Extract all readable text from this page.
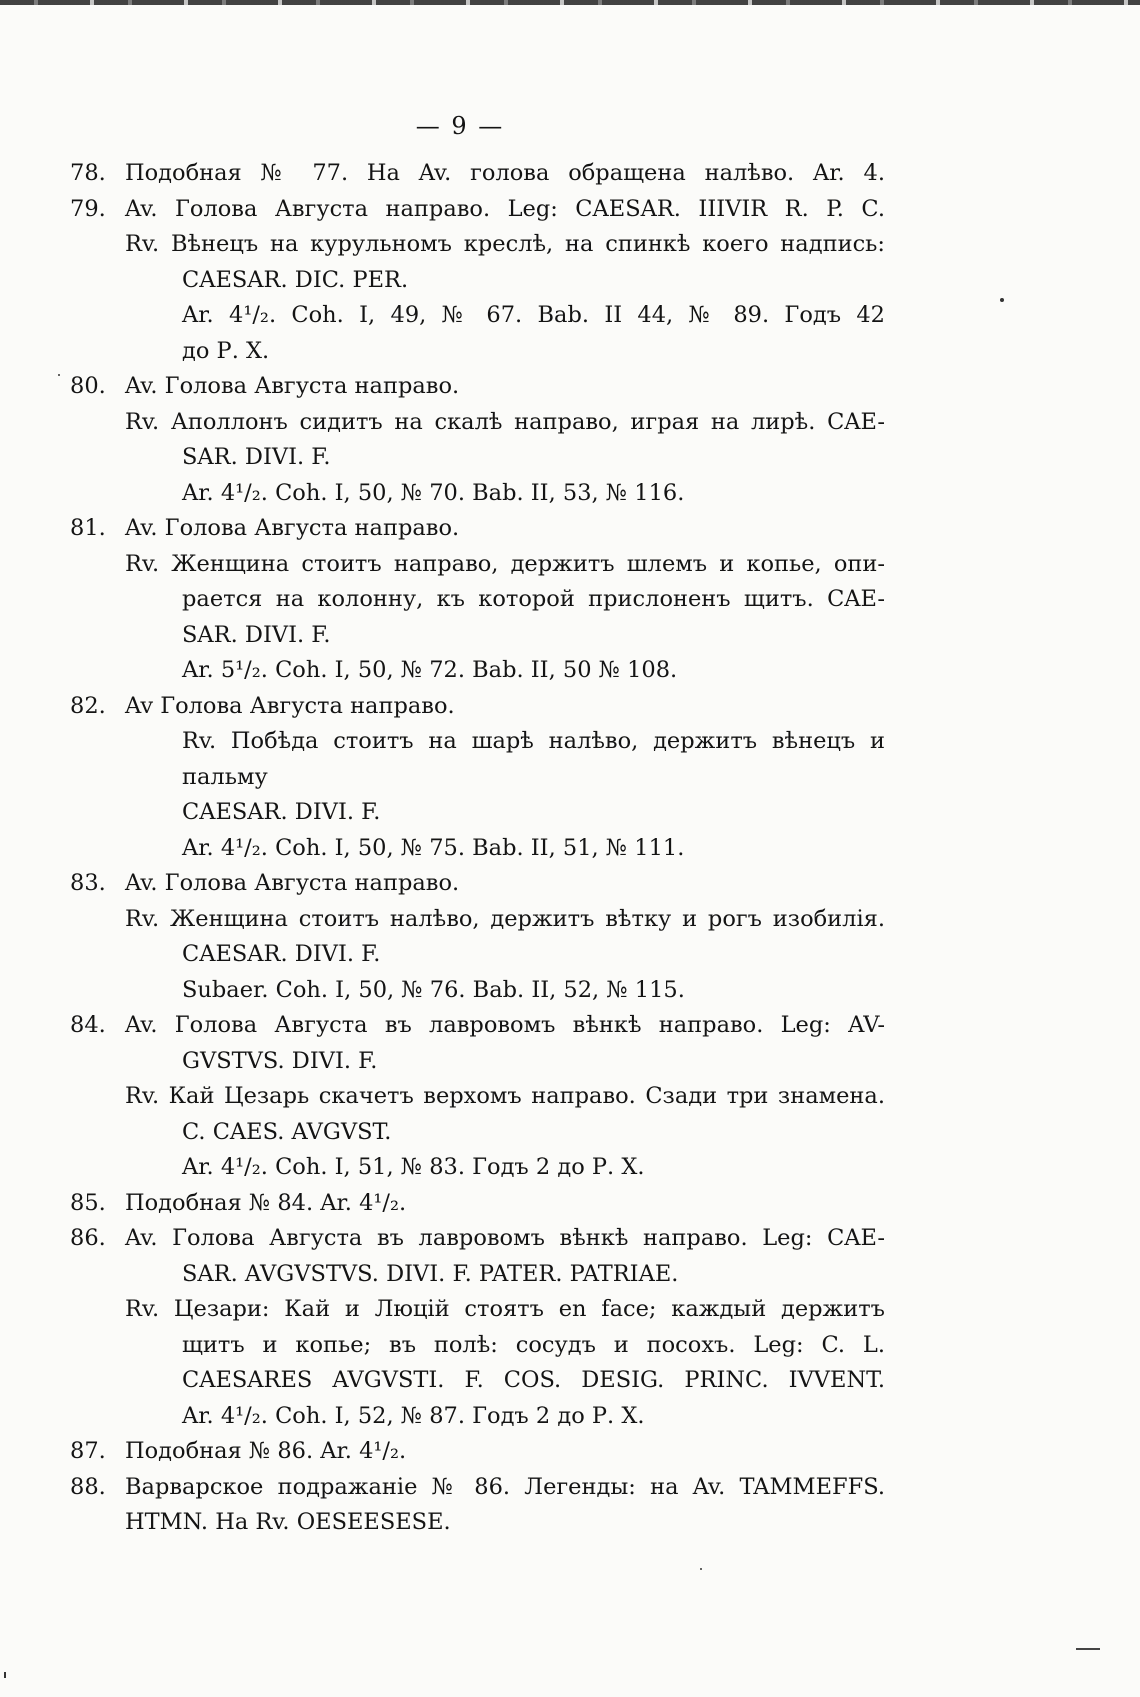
— 9 —
78. Подобная № 77. На Av. голова обращена налѣво. Ar. 4.
79. Av. Голова Августа направо. Leg: CAESAR. IIIVIR R. P. C.
Rv. Вѣнецъ на курульномъ креслѣ, на спинкѣ коего надпись:
CAESAR. DIC. PER.
Ar. 4¹/₂. Coh. I, 49, № 67. Bab. II 44, № 89. Годъ 42
до Р. Х.
80. Av. Голова Августа направо.
Rv. Аполлонъ сидитъ на скалѣ направо, играя на лирѣ. CAE-
SAR. DIVI. F.
Ar. 4¹/₂. Coh. I, 50, № 70. Bab. II, 53, № 116.
81. Av. Голова Августа направо.
Rv. Женщина стоитъ направо, держитъ шлемъ и копье, опи-
рается на колонну, къ которой прислоненъ щитъ. CAE-
SAR. DIVI. F.
Ar. 5¹/₂. Coh. I, 50, № 72. Bab. II, 50 № 108.
82. Av Голова Августа направо.
Rv. Побѣда стоитъ на шарѣ налѣво, держитъ вѣнецъ и пальму
CAESAR. DIVI. F.
Ar. 4¹/₂. Coh. I, 50, № 75. Bab. II, 51, № 111.
83. Av. Голова Августа направо.
Rv. Женщина стоитъ налѣво, держитъ вѣтку и рогъ изобилія.
CAESAR. DIVI. F.
Subaer. Coh. I, 50, № 76. Bab. II, 52, № 115.
84. Av. Голова Августа въ лавровомъ вѣнкѣ направо. Leg: AV-
GVSTVS. DIVI. F.
Rv. Кай Цезарь скачетъ верхомъ направо. Сзади три знамена.
C. CAES. AVGVST.
Ar. 4¹/₂. Coh. I, 51, № 83. Годъ 2 до Р. Х.
85. Подобная № 84. Ar. 4¹/₂.
86. Av. Голова Августа въ лавровомъ вѣнкѣ направо. Leg: CAE-
SAR. AVGVSTVS. DIVI. F. PATER. PATRIAE.
Rv. Цезари: Кай и Люцій стоятъ en face; каждый держитъ
щитъ и копье; въ полѣ: сосудъ и посохъ. Leg: C. L.
CAESARES AVGVSTI. F. COS. DESIG. PRINC. IVVENT.
Ar. 4¹/₂. Coh. I, 52, № 87. Годъ 2 до Р. Х.
87. Подобная № 86. Ar. 4¹/₂.
88. Варварское подражаніе № 86. Легенды: на Av. TAMMEFFS.
HTMN. На Rv. OESEESESE.
